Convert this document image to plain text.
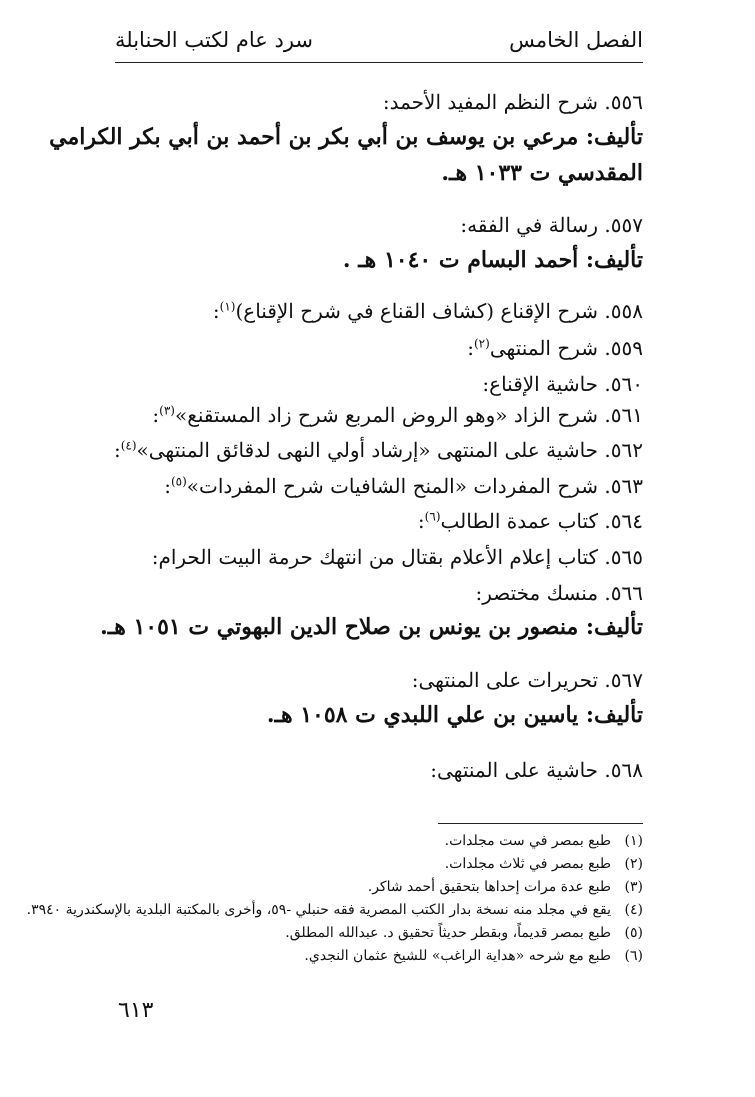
الفصل الخامس
سرد عام لكتب الحنابلة
٥٥٦. شرح النظم المفيد الأحمد:
تأليف: مرعي بن يوسف بن أبي بكر بن أحمد بن أبي بكر الكرامي
المقدسي ت ١٠٣٣ هـ.
٥٥٧. رسالة في الفقه:
تأليف: أحمد البسام ت ١٠٤٠ هـ .
٥٥٨. شرح الإقناع (كشاف القناع في شرح الإقناع)$^{(١)}$:
٥٥٩. شرح المنتهى$^{(٢)}$:
٥٦٠. حاشية الإقناع:
٥٦١. شرح الزاد «وهو الروض المربع شرح زاد المستقنع»$^{(٣)}$:
٥٦٢. حاشية على المنتهى «إرشاد أولي النهى لدقائق المنتهى»$^{(٤)}$:
٥٦٣. شرح المفردات «المنح الشافيات شرح المفردات»$^{(٥)}$:
٥٦٤. كتاب عمدة الطالب$^{(٦)}$:
٥٦٥. كتاب إعلام الأعلام بقتال من انتهك حرمة البيت الحرام:
٥٦٦. منسك مختصر:
تأليف: منصور بن يونس بن صلاح الدين البهوتي ت ١٠٥١ هـ.
٥٦٧. تحريرات على المنتهى:
تأليف: ياسين بن علي اللبدي ت ١٠٥٨ هـ.
٥٦٨. حاشية على المنتهى:
(١)طبع بمصر في ست مجلدات.
(٢)طبع بمصر في ثلاث مجلدات.
(٣)طبع عدة مرات إحداها بتحقيق أحمد شاكر.
(٤)يقع في مجلد منه نسخة بدار الكتب المصرية فقه حنبلي -٥٩، وأخرى بالمكتبة البلدية بالإسكندرية ٣٩٤٠.
(٥)طبع بمصر قديماً، وبقطر حديثاً تحقيق د. عبدالله المطلق.
(٦)طبع مع شرحه «هداية الراغب» للشيخ عثمان النجدي.
٦١٣
